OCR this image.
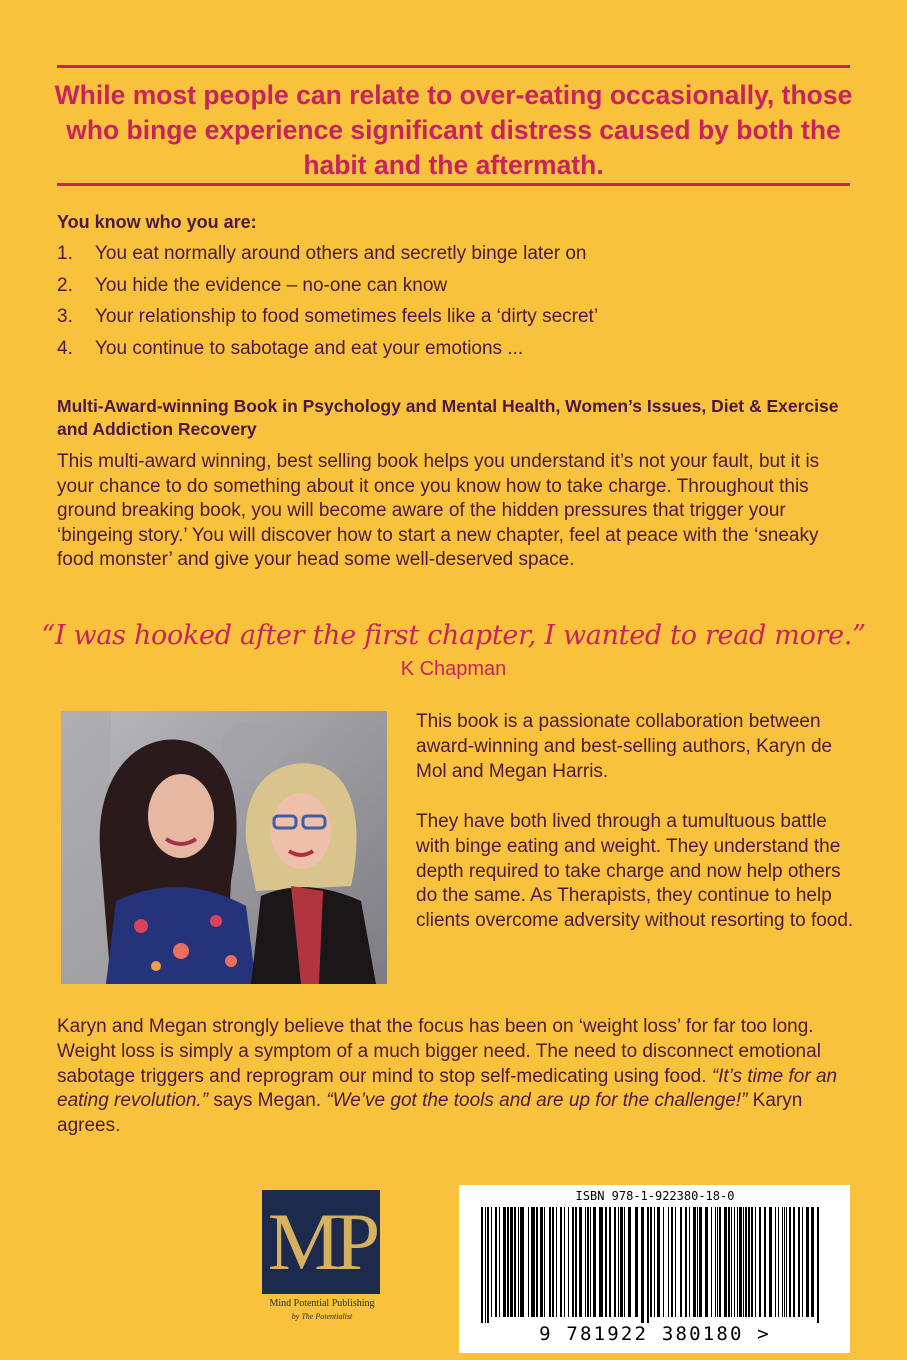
While most people can relate to over-eating occasionally, those who binge experience significant distress caused by both the habit and the aftermath.
You know who you are:
1.	You eat normally around others and secretly binge later on
2.	You hide the evidence – no-one can know
3.	Your relationship to food sometimes feels like a ‘dirty secret’
4.	You continue to sabotage and eat your emotions ...
Multi-Award-winning Book in Psychology and Mental Health, Women’s Issues, Diet & Exercise and Addiction Recovery
This multi-award winning, best selling book helps you understand it’s not your fault, but it is your chance to do something about it once you know how to take charge. Throughout this ground breaking book, you will become aware of the hidden pressures that trigger your ‘bingeing story.’ You will discover how to start a new chapter, feel at peace with the ‘sneaky food monster’ and give your head some well-deserved space.
“I was hooked after the first chapter, I wanted to read more.”
K Chapman
This book is a passionate collaboration between award-winning and best-selling authors, Karyn de Mol and Megan Harris.
They have both lived through a tumultuous battle with binge eating and weight. They understand the depth required to take charge and now help others do the same. As Therapists, they continue to help clients overcome adversity without resorting to food.
Karyn and Megan strongly believe that the focus has been on ‘weight loss’ for far too long. Weight loss is simply a symptom of a much bigger need. The need to disconnect emotional sabotage triggers and reprogram our mind to stop self-medicating using food. “It’s time for an eating revolution.” says Megan. “We’ve got the tools and are up for the challenge!” Karyn agrees.
MP
Mind Potential Publishing
by The Potentialist
ISBN 978-1-922380-18-0
9 781922 380180 >
